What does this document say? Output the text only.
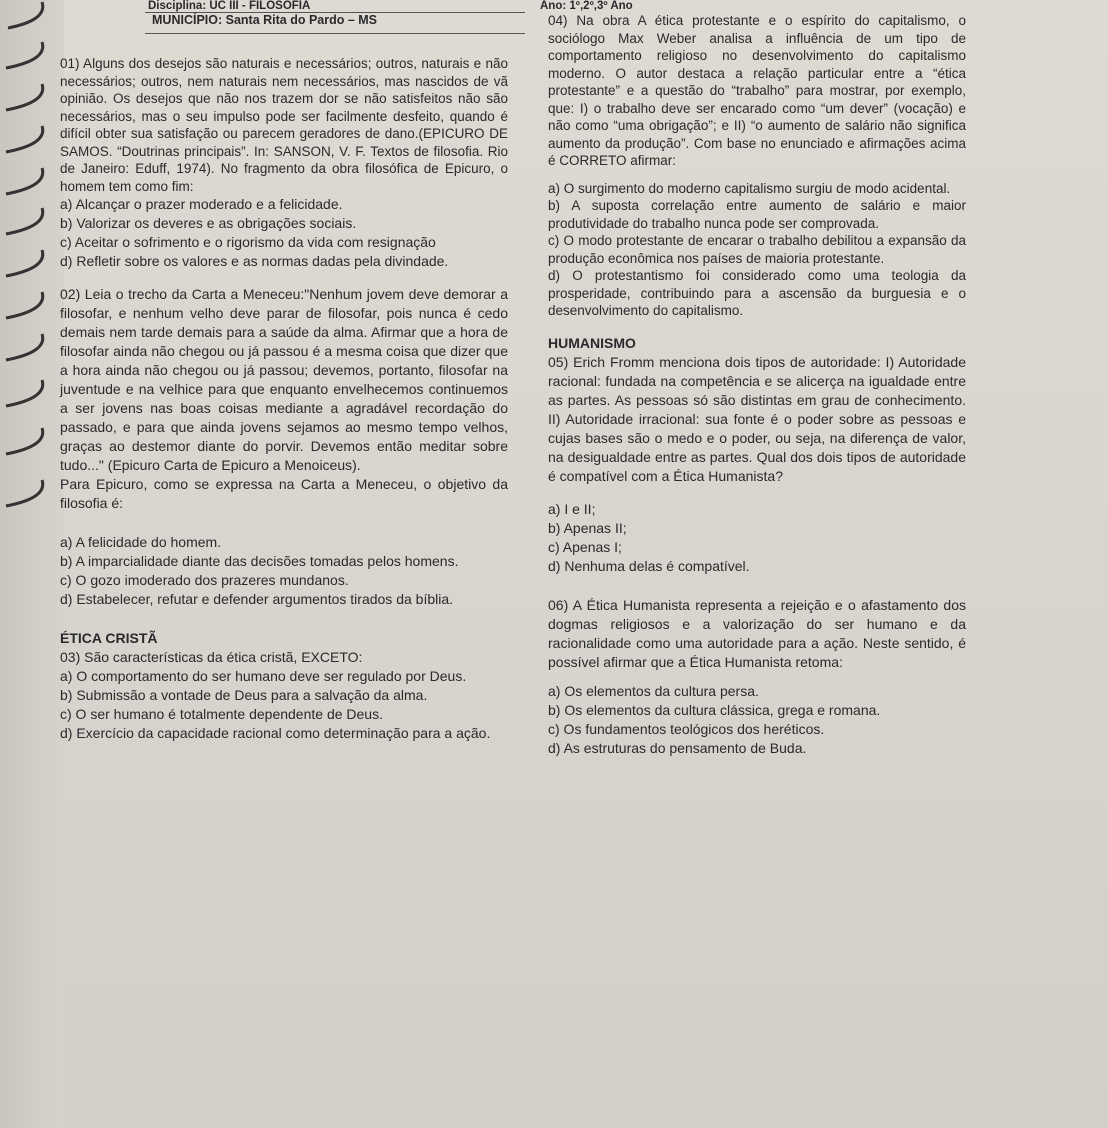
Disciplina: UC III - FILOSOFIA	Ano: 1º,2º,3º Ano
MUNICÍPIO: Santa Rita do Pardo – MS

01) Alguns dos desejos são naturais e necessários; outros, naturais e não necessários; outros, nem naturais nem necessários, mas nascidos de vã opinião. Os desejos que não nos trazem dor se não satisfeitos não são necessários, mas o seu impulso pode ser facilmente desfeito, quando é difícil obter sua satisfação ou parecem geradores de dano.(EPICURO DE SAMOS. “Doutrinas principais”. In: SANSON, V. F. Textos de filosofia. Rio de Janeiro: Eduff, 1974). No fragmento da obra filosófica de Epicuro, o homem tem como fim:

a) Alcançar o prazer moderado e a felicidade.

b) Valorizar os deveres e as obrigações sociais.

c) Aceitar o sofrimento e o rigorismo da vida com resignação

d) Refletir sobre os valores e as normas dadas pela divindade.

02) Leia o trecho da Carta a Meneceu:"Nenhum jovem deve demorar a filosofar, e nenhum velho deve parar de filosofar, pois nunca é cedo demais nem tarde demais para a saúde da alma. Afirmar que a hora de filosofar ainda não chegou ou já passou é a mesma coisa que dizer que a hora ainda não chegou ou já passou; devemos, portanto, filosofar na juventude e na velhice para que enquanto envelhecemos continuemos a ser jovens nas boas coisas mediante a agradável recordação do passado, e para que ainda jovens sejamos ao mesmo tempo velhos, graças ao destemor diante do porvir. Devemos então meditar sobre tudo..." (Epicuro Carta de Epicuro a Menoiceus).

Para Epicuro, como se expressa na Carta a Meneceu, o objetivo da filosofia é:

a) A felicidade do homem.

b) A imparcialidade diante das decisões tomadas pelos homens.

c) O gozo imoderado dos prazeres mundanos.

d) Estabelecer, refutar e defender argumentos tirados da bíblia.

ÉTICA CRISTÃ

03) São características da ética cristã, EXCETO:

a) O comportamento do ser humano deve ser regulado por Deus.

b) Submissão a vontade de Deus para a salvação da alma.

c) O ser humano é totalmente dependente de Deus.

d) Exercício da capacidade racional como determinação para a ação.

04) Na obra A ética protestante e o espírito do capitalismo, o sociólogo Max Weber analisa a influência de um tipo de comportamento religioso no desenvolvimento do capitalismo moderno. O autor destaca a relação particular entre a “ética protestante” e a questão do “trabalho” para mostrar, por exemplo, que: I) o trabalho deve ser encarado como “um dever” (vocação) e não como “uma obrigação”; e II) “o aumento de salário não significa aumento da produção”. Com base no enunciado e afirmações acima é CORRETO afirmar:

a) O surgimento do moderno capitalismo surgiu de modo acidental.

b) A suposta correlação entre aumento de salário e maior produtividade do trabalho nunca pode ser comprovada.

c) O modo protestante de encarar o trabalho debilitou a expansão da produção econômica nos países de maioria protestante.

d) O protestantismo foi considerado como uma teologia da prosperidade, contribuindo para a ascensão da burguesia e o desenvolvimento do capitalismo.

HUMANISMO

05) Erich Fromm menciona dois tipos de autoridade: I) Autoridade racional: fundada na competência e se alicerça na igualdade entre as partes. As pessoas só são distintas em grau de conhecimento. II) Autoridade irracional: sua fonte é o poder sobre as pessoas e cujas bases são o medo e o poder, ou seja, na diferença de valor, na desigualdade entre as partes. Qual dos dois tipos de autoridade é compatível com a Ética Humanista?

a) I e II;

b) Apenas II;

c) Apenas I;

d) Nenhuma delas é compatível.

06) A Ética Humanista representa a rejeição e o afastamento dos dogmas religiosos e a valorização do ser humano e da racionalidade como uma autoridade para a ação. Neste sentido, é possível afirmar que a Ética Humanista retoma:

a) Os elementos da cultura persa.

b) Os elementos da cultura clássica, grega e romana.

c) Os fundamentos teológicos dos heréticos.

d) As estruturas do pensamento de Buda.
